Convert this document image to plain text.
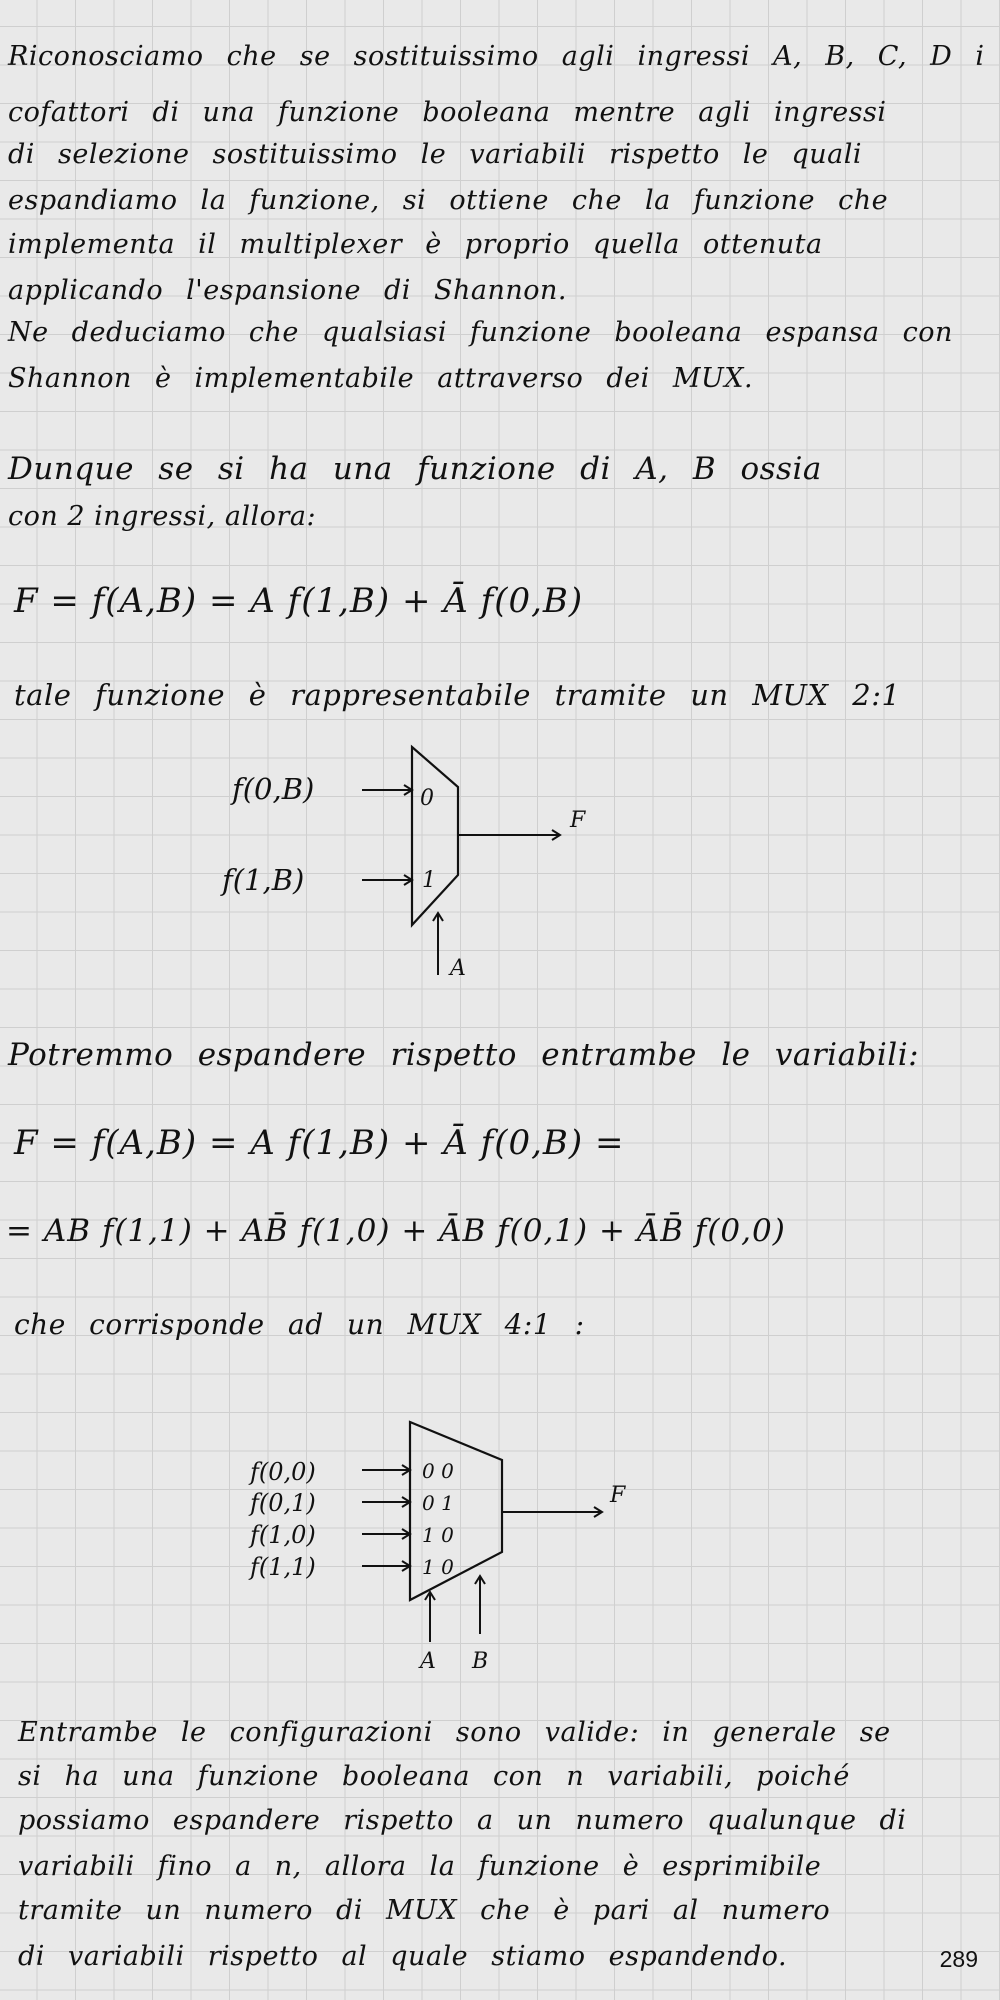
Riconosciamo che se sostituissimo agli ingressi A, B, C, D i
cofattori di una funzione booleana mentre agli ingressi
di selezione sostituissimo le variabili rispetto le quali
espandiamo la funzione, si ottiene che la funzione che
implementa il multiplexer è proprio quella ottenuta
applicando l'espansione di Shannon.
Ne deduciamo che qualsiasi funzione booleana espansa con
Shannon è implementabile attraverso dei MUX.
Dunque se si ha una funzione di A, B ossia
con 2 ingressi, allora:
F = f(A,B) = A f(1,B) + Ā f(0,B)
tale funzione è rappresentabile tramite un MUX 2:1
f(0,B)
f(1,B)
0
1
F
A
Potremmo espandere rispetto entrambe le variabili:
F = f(A,B) = A f(1,B) + Ā f(0,B) =
= AB f(1,1) + AB̄ f(1,0) + ĀB f(0,1) + ĀB̄ f(0,0)
che corrisponde ad un MUX 4:1 :
f(0,0)
f(0,1)
f(1,0)
f(1,1)
0 0
0 1
1 0
1 0
F
A B
Entrambe le configurazioni sono valide: in generale se
si ha una funzione booleana con n variabili, poiché
possiamo espandere rispetto a un numero qualunque di
variabili fino a n, allora la funzione è esprimibile
tramite un numero di MUX che è pari al numero
di variabili rispetto al quale stiamo espandendo.	289
